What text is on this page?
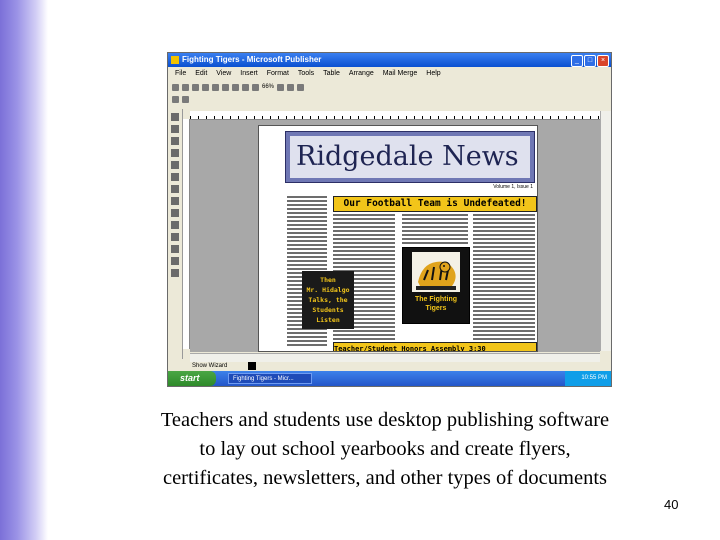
Fighting Tigers - Microsoft Publisher	_	□	×
File Edit View Insert Format Tools Table Arrange Mail Merge Help
66%
Ridgedale News
Volume 1, Issue 1
Our Football Team is Undefeated!
Then
Mr. Hidalgo
Talks, the
Students
Listen
The Fighting
Tigers
Teacher/Student Honors Assembly 3:30
Show Wizard
start	Fighting Tigers - Micr...	10:55 PM
Teachers and students use desktop publishing software
to lay out school yearbooks and create flyers,
certificates, newsletters, and other types of documents
40
